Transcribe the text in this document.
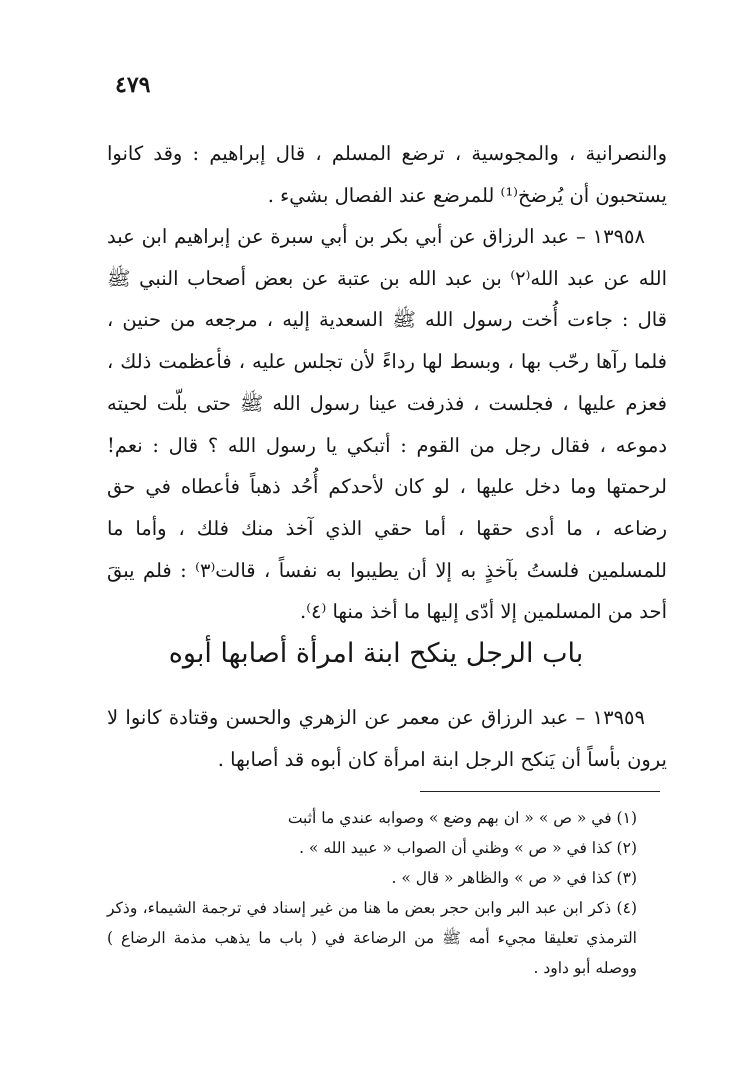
٤٧٩

والنصرانية ، والمجوسية ، ترضع المسلم ، قال إبراهيم : وقد كانوا يستحبون أن يُرضخ⁽¹⁾ للمرضع عند الفصال بشيء .

١٣٩٥٨ – عبد الرزاق عن أبي بكر بن أبي سبرة عن إبراهيم ابن عبد الله عن عبد الله⁽٢⁾ بن عبد الله بن عتبة عن بعض أصحاب النبي ﷺ قال : جاءت أُخت رسول الله ﷺ السعدية إليه ، مرجعه من حنين ، فلما رآها رحّب بها ، وبسط لها رداءً لأن تجلس عليه ، فأعظمت ذلك ، فعزم عليها ، فجلست ، فذرفت عينا رسول الله ﷺ حتى بلّت لحيته دموعه ، فقال رجل من القوم : أتبكي يا رسول الله ؟ قال : نعم! لرحمتها وما دخل عليها ، لو كان لأحدكم أُحُد ذهباً فأعطاه في حق رضاعه ، ما أدى حقها ، أما حقي الذي آخذ منك فلك ، وأما ما للمسلمين فلستُ بآخذٍ به إلا أن يطيبوا به نفساً ، قالت⁽٣⁾ : فلم يبقَ أحد من المسلمين إلا أدّى إليها ما أخذ منها ⁽٤⁾.

باب الرجل ينكح ابنة امرأة أصابها أبوه

١٣٩٥٩ – عبد الرزاق عن معمر عن الزهري والحسن وقتادة كانوا لا يرون بأساً أن يَنكح الرجل ابنة امرأة كان أبوه قد أصابها .

(١) في « ص » « ان بهم وضع » وصوابه عندي ما أثبت

(٢) كذا في « ص » وظني أن الصواب « عبيد الله » .

(٣) كذا في « ص » والظاهر « قال » .

(٤) ذكر ابن عبد البر وابن حجر بعض ما هنا من غير إسناد في ترجمة الشيماء، وذكر الترمذي تعليقا مجيء أمه ﷺ من الرضاعة في ( باب ما يذهب مذمة الرضاع ) ووصله أبو داود .
